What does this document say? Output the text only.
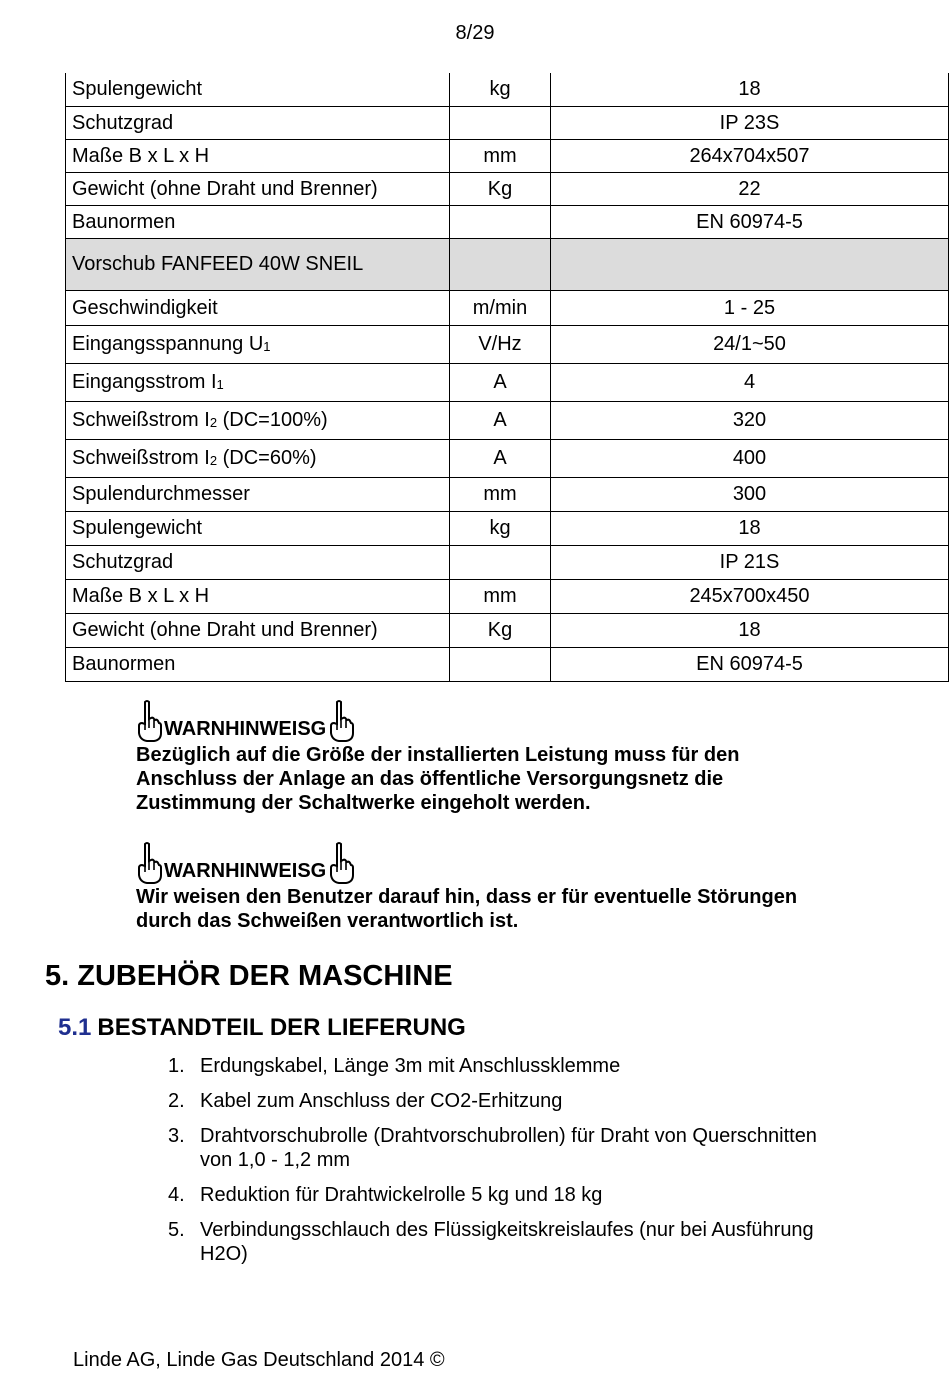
8/29
Spulengewicht	kg	18
Schutzgrad		IP 23S
Maße B x L x H	mm	264x704x507
Gewicht (ohne Draht und Brenner)	Kg	22
Baunormen		EN 60974-5
Vorschub FANFEED 40W SNEIL		
Geschwindigkeit	m/min	1 - 25
Eingangsspannung $U_1$	V/Hz	24/1~50
Eingangsstrom $I_1$	A	4
Schweißstrom $I_2$ (DC=100%)	A	320
Schweißstrom $I_2$ (DC=60%)	A	400
Spulendurchmesser	mm	300
Spulengewicht	kg	18
Schutzgrad		IP 21S
Maße B x L x H	mm	245x700x450
Gewicht (ohne Draht und Brenner)	Kg	18
Baunormen		EN 60974-5
WARNHINWEISG
Bezüglich auf die Größe der installierten Leistung muss für den
Anschluss der Anlage an das öffentliche Versorgungsnetz die
Zustimmung der Schaltwerke eingeholt werden.
WARNHINWEISG
Wir weisen den Benutzer darauf hin, dass er für eventuelle Störungen
durch das Schweißen verantwortlich ist.
5. ZUBEHÖR DER MASCHINE
5.1 BESTANDTEIL DER LIEFERUNG
1. Erdungskabel, Länge 3m mit Anschlussklemme
2. Kabel zum Anschluss der CO2-Erhitzung
3. Drahtvorschubrolle (Drahtvorschubrollen) für Draht von Querschnitten
von 1,0 - 1,2 mm
4. Reduktion für Drahtwickelrolle 5 kg und 18 kg
5. Verbindungsschlauch des Flüssigkeitskreislaufes (nur bei Ausführung
H2O)
Linde AG, Linde Gas Deutschland 2014 ©
